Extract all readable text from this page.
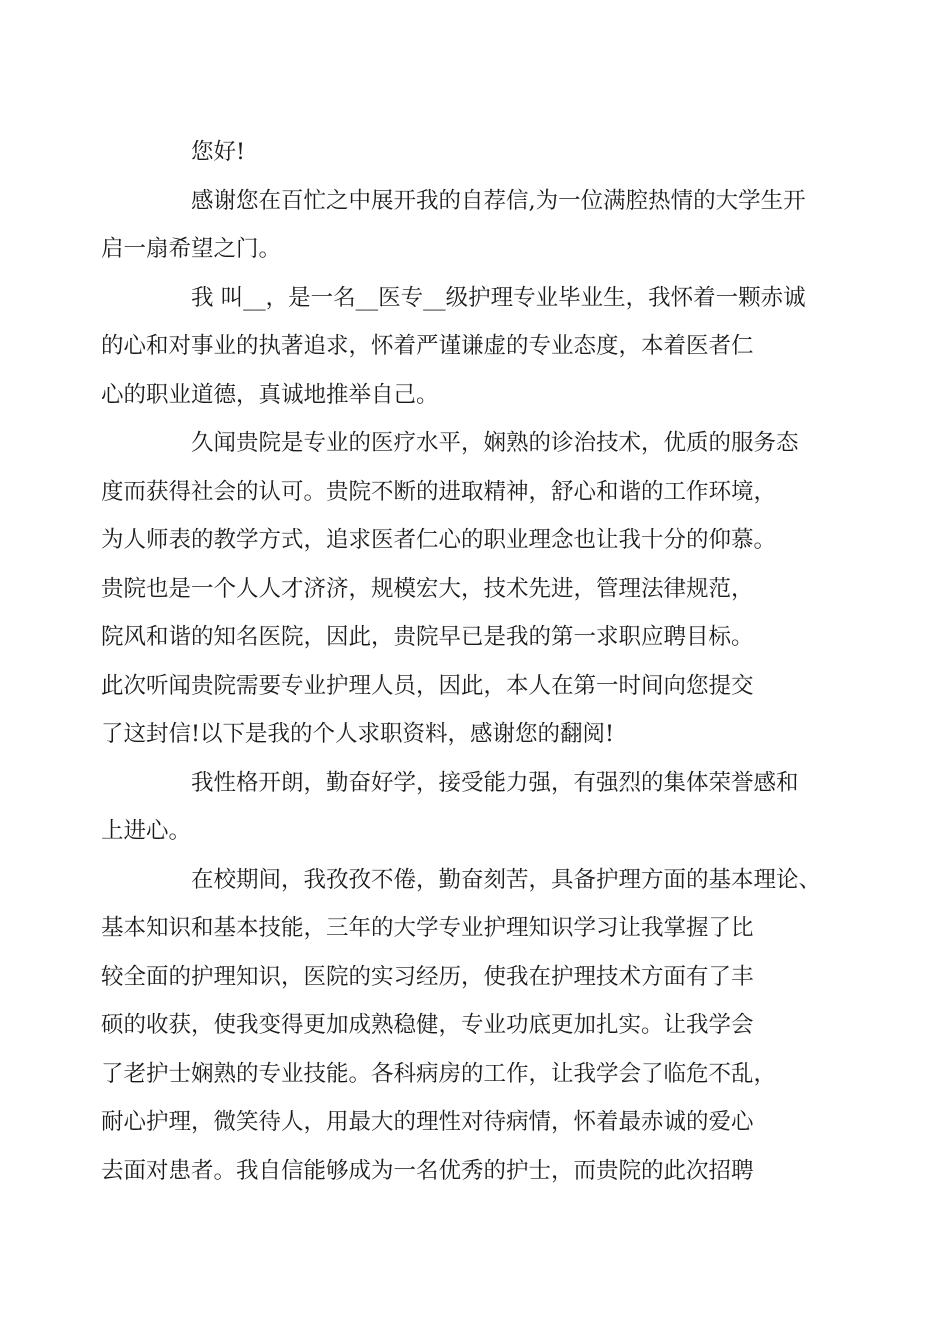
您好!

感谢您在百忙之中展开我的自荐信,为一位满腔热情的大学生开
启一扇希望之门。

我 叫__，是一名__医专__级护理专业毕业生，我怀着一颗赤诚
的心和对事业的执著追求，怀着严谨谦虚的专业态度，本着医者仁
心的职业道德，真诚地推举自己。

久闻贵院是专业的医疗水平，娴熟的诊治技术，优质的服务态
度而获得社会的认可。贵院不断的进取精神，舒心和谐的工作环境，
为人师表的教学方式，追求医者仁心的职业理念也让我十分的仰慕。
贵院也是一个人人才济济，规模宏大，技术先进，管理法律规范，
院风和谐的知名医院，因此，贵院早已是我的第一求职应聘目标。
此次听闻贵院需要专业护理人员，因此，本人在第一时间向您提交
了这封信!以下是我的个人求职资料，感谢您的翻阅!

我性格开朗，勤奋好学，接受能力强，有强烈的集体荣誉感和
上进心。

在校期间，我孜孜不倦，勤奋刻苦，具备护理方面的基本理论、
基本知识和基本技能，三年的大学专业护理知识学习让我掌握了比
较全面的护理知识，医院的实习经历，使我在护理技术方面有了丰
硕的收获，使我变得更加成熟稳健，专业功底更加扎实。让我学会
了老护士娴熟的专业技能。各科病房的工作，让我学会了临危不乱，
耐心护理，微笑待人，用最大的理性对待病情，怀着最赤诚的爱心
去面对患者。我自信能够成为一名优秀的护士，而贵院的此次招聘
